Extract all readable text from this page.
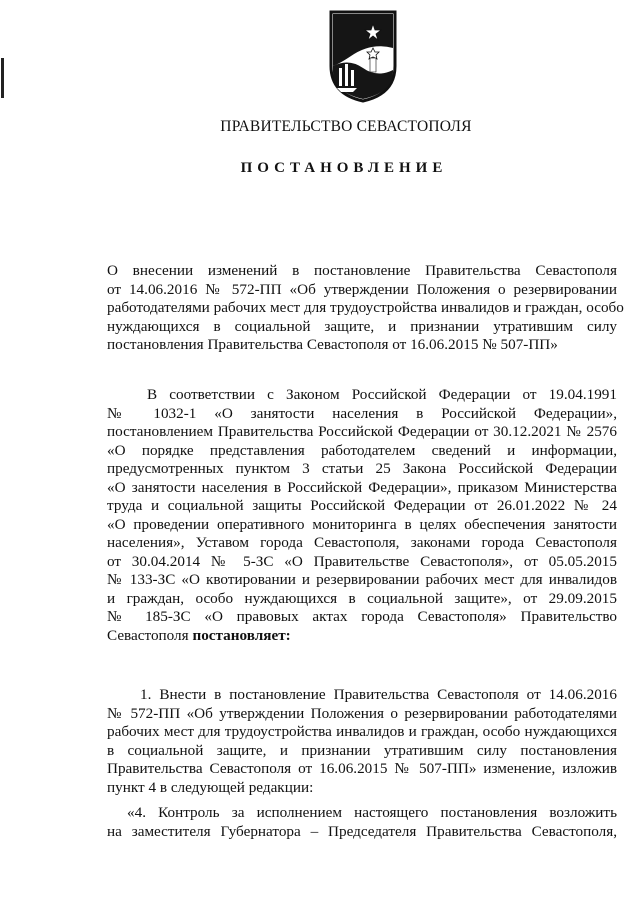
ПРАВИТЕЛЬСТВО СЕВАСТОПОЛЯ
ПОСТАНОВЛЕНИЕ
О внесении изменений в постановление Правительства Севастополя
от 14.06.2016 № 572-ПП «Об утверждении Положения о резервировании
работодателями рабочих мест для трудоустройства инвалидов и граждан, особо
нуждающихся в социальной защите, и признании утратившим силу
постановления Правительства Севастополя от 16.06.2015 № 507-ПП»
В соответствии с Законом Российской Федерации от 19.04.1991
№ 1032-1 «О занятости населения в Российской Федерации»,
постановлением Правительства Российской Федерации от 30.12.2021 № 2576
«О порядке представления работодателем сведений и информации,
предусмотренных пунктом 3 статьи 25 Закона Российской Федерации
«О занятости населения в Российской Федерации», приказом Министерства
труда и социальной защиты Российской Федерации от 26.01.2022 № 24
«О проведении оперативного мониторинга в целях обеспечения занятости
населения», Уставом города Севастополя, законами города Севастополя
от 30.04.2014 № 5-ЗС «О Правительстве Севастополя», от 05.05.2015
№ 133-ЗС «О квотировании и резервировании рабочих мест для инвалидов
и граждан, особо нуждающихся в социальной защите», от 29.09.2015
№ 185-ЗС «О правовых актах города Севастополя» Правительство
Севастополя постановляет:
1. Внести в постановление Правительства Севастополя от 14.06.2016
№ 572-ПП «Об утверждении Положения о резервировании работодателями
рабочих мест для трудоустройства инвалидов и граждан, особо нуждающихся
в социальной защите, и признании утратившим силу постановления
Правительства Севастополя от 16.06.2015 № 507-ПП» изменение, изложив
пункт 4 в следующей редакции:
«4. Контроль за исполнением настоящего постановления возложить
на заместителя Губернатора – Председателя Правительства Севастополя,
